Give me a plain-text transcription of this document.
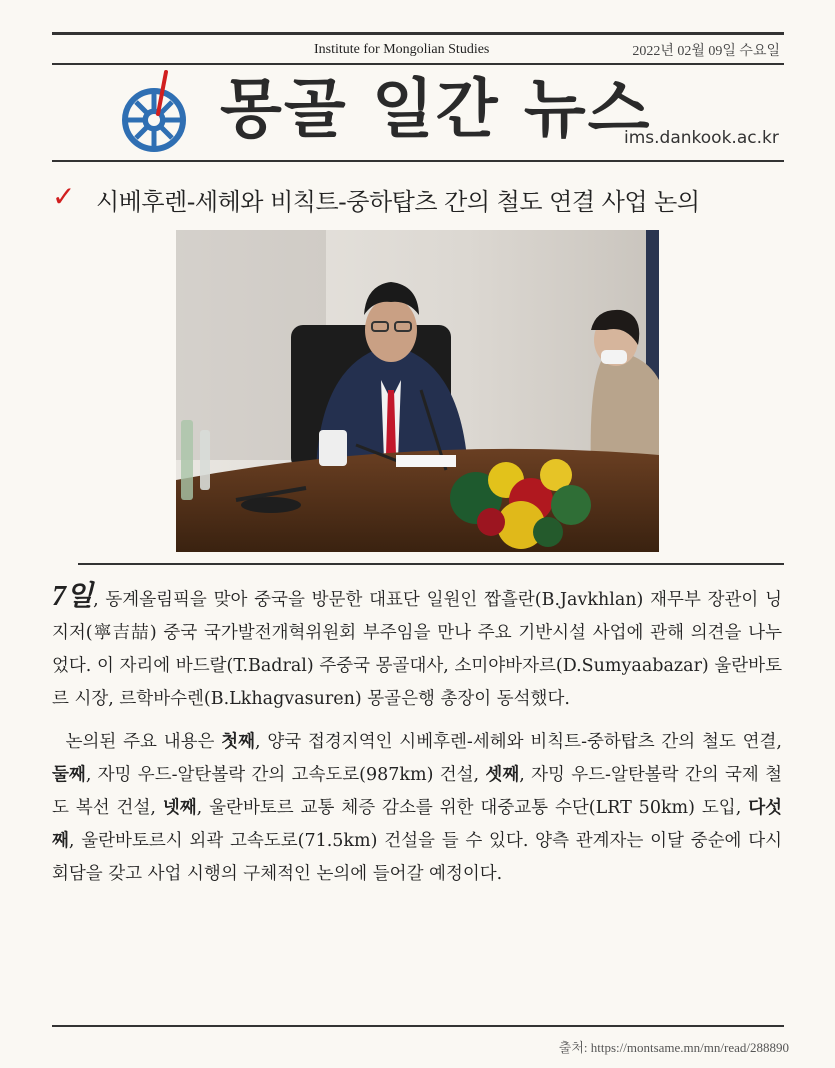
Institute for Mongolian Studies	2022년 02월 09일 수요일
몽골 일간 뉴스
ims.dankook.ac.kr
✓ 시베후렌-세헤와 비칙트-중하탑츠 간의 철도 연결 사업 논의

7일, 동계올림픽을 맞아 중국을 방문한 대표단 일원인 짭흘란(B.Javkhlan) 재무부 장관이 닝지저(寧吉喆) 중국 국가발전개혁위원회 부주임을 만나 주요 기반시설 사업에 관해 의견을 나누었다. 이 자리에 바드랄(T.Badral) 주중국 몽골대사, 소미야바자르(D.Sumyaabazar) 울란바토르 시장, 르학바수렌(B.Lkhagvasuren) 몽골은행 총장이 동석했다.

논의된 주요 내용은 첫째, 양국 접경지역인 시베후렌-세헤와 비칙트-중하탑츠 간의 철도 연결, 둘째, 자밍 우드-알탄볼락 간의 고속도로(987km) 건설, 셋째, 자밍 우드-알탄볼락 간의 국제 철도 복선 건설, 넷째, 울란바토르 교통 체증 감소를 위한 대중교통 수단(LRT 50km) 도입, 다섯째, 울란바토르시 외곽 고속도로(71.5km) 건설을 들 수 있다. 양측 관계자는 이달 중순에 다시 회담을 갖고 사업 시행의 구체적인 논의에 들어갈 예정이다.

출처: https://montsame.mn/mn/read/288890
